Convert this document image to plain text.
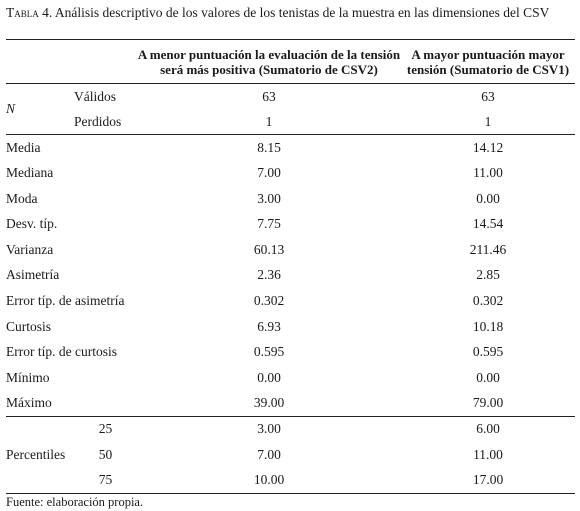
Tabla 4. Análisis descriptivo de los valores de los tenistas de la muestra en las dimensiones del CSV
		A menor puntuación la evaluación de la tensión será más positiva (Sumatorio de CSV2)	A mayor puntuación mayor tensión (Sumatorio de CSV1)
N	Válidos	63	63
	Perdidos	1	1
Media		8.15	14.12
Mediana		7.00	11.00
Moda		3.00	0.00
Desv. típ.		7.75	14.54
Varianza		60.13	211.46
Asimetría		2.36	2.85
Error típ. de asimetría		0.302	0.302
Curtosis		6.93	10.18
Error típ. de curtosis		0.595	0.595
Mínimo		0.00	0.00
Máximo		39.00	79.00
Percentiles	25	3.00	6.00
	50	7.00	11.00
	75	10.00	17.00
Fuente: elaboración propia.
